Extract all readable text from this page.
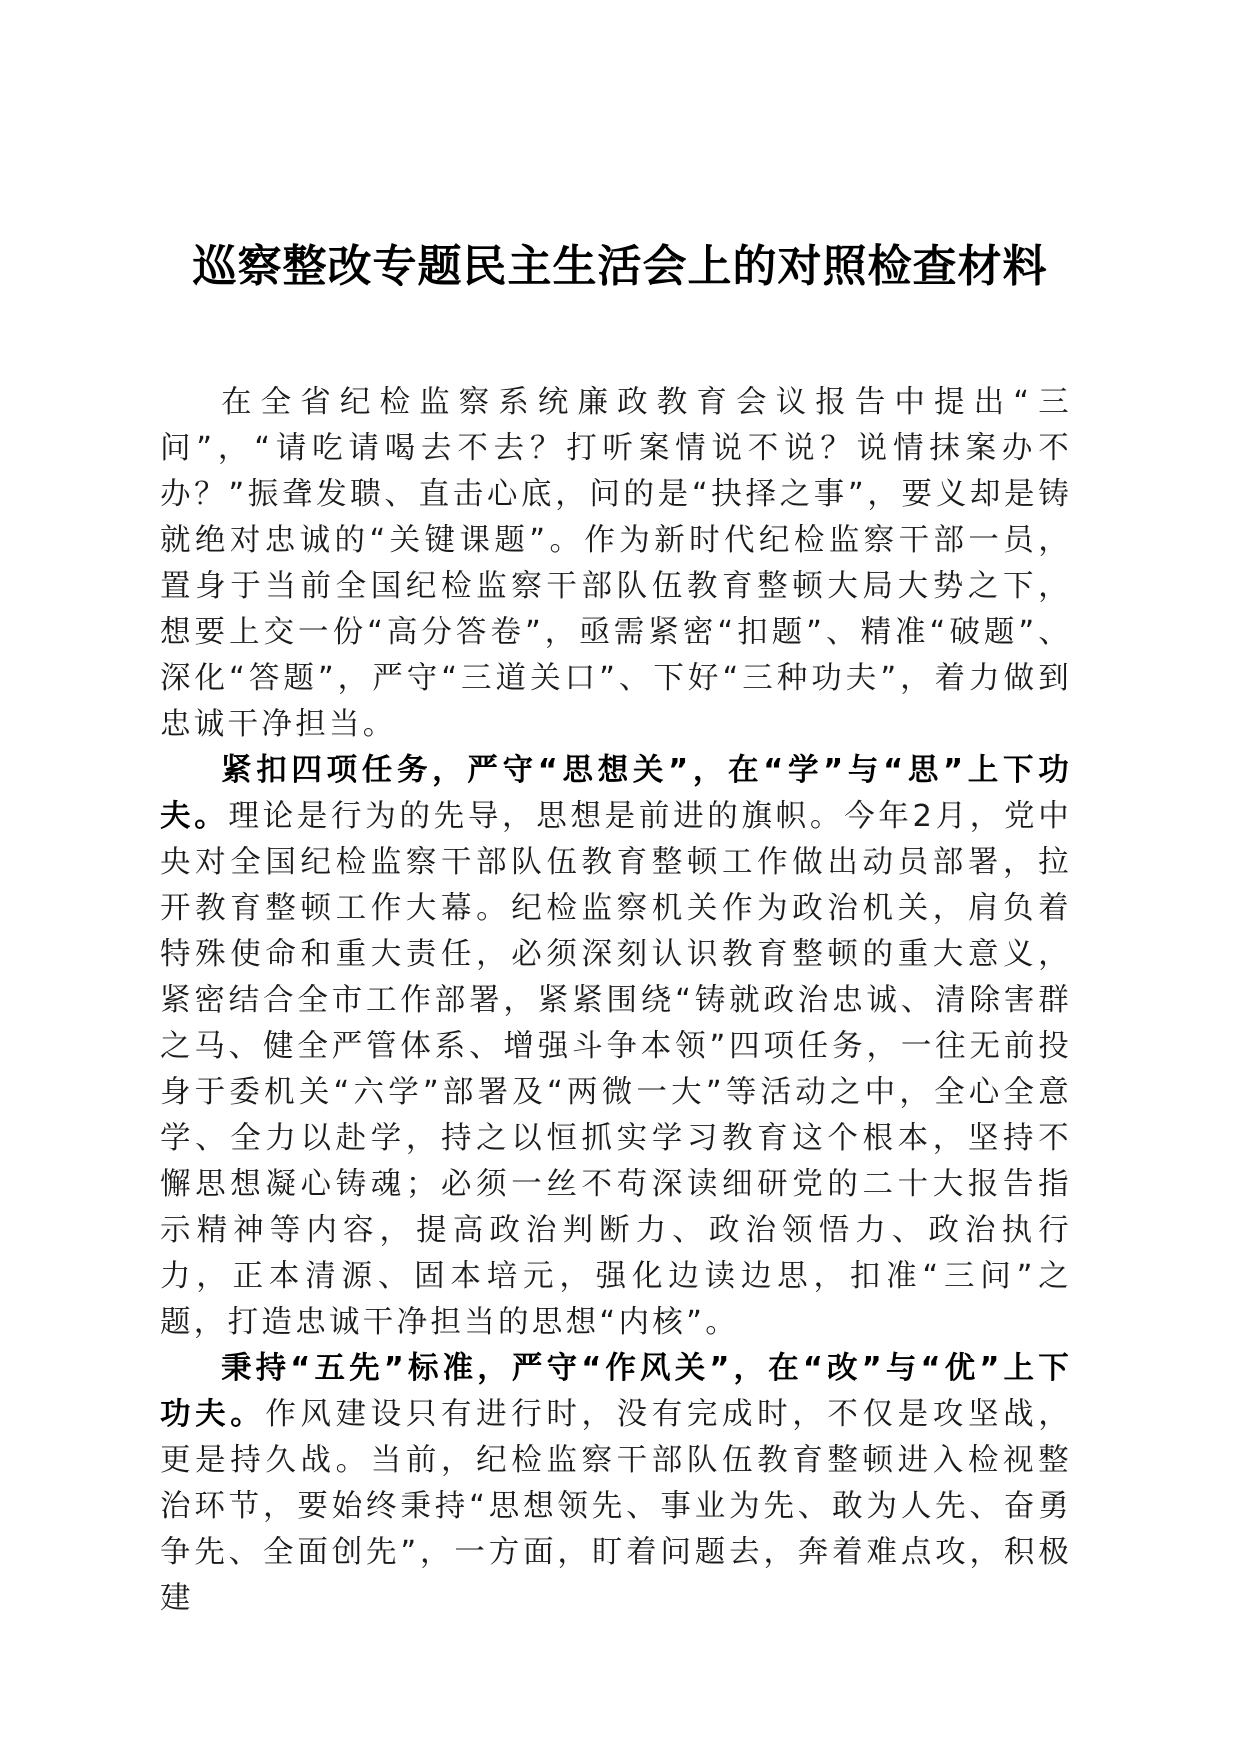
巡察整改专题民主生活会上的对照检查材料

在全省纪检监察系统廉政教育会议报告中提出“三问”，“请吃请喝去不去？打听案情说不说？说情抹案办不办？”振聋发聩、直击心底，问的是“抉择之事”，要义却是铸就绝对忠诚的“关键课题”。作为新时代纪检监察干部一员，置身于当前全国纪检监察干部队伍教育整顿大局大势之下，想要上交一份“高分答卷”，亟需紧密“扣题”、精准“破题”、深化“答题”，严守“三道关口”、下好“三种功夫”，着力做到忠诚干净担当。

紧扣四项任务，严守“思想关”，在“学”与“思”上下功夫。理论是行为的先导，思想是前进的旗帜。今年2月，党中央对全国纪检监察干部队伍教育整顿工作做出动员部署，拉开教育整顿工作大幕。纪检监察机关作为政治机关，肩负着特殊使命和重大责任，必须深刻认识教育整顿的重大意义，紧密结合全市工作部署，紧紧围绕“铸就政治忠诚、清除害群之马、健全严管体系、增强斗争本领”四项任务，一往无前投身于委机关“六学”部署及“两微一大”等活动之中，全心全意学、全力以赴学，持之以恒抓实学习教育这个根本，坚持不懈思想凝心铸魂；必须一丝不苟深读细研党的二十大报告指示精神等内容，提高政治判断力、政治领悟力、政治执行力，正本清源、固本培元，强化边读边思，扣准“三问”之题，打造忠诚干净担当的思想“内核”。

秉持“五先”标准，严守“作风关”，在“改”与“优”上下功夫。作风建设只有进行时，没有完成时，不仅是攻坚战，更是持久战。当前，纪检监察干部队伍教育整顿进入检视整治环节，要始终秉持“思想领先、事业为先、敢为人先、奋勇争先、全面创先”，一方面，盯着问题去，奔着难点攻，积极建
